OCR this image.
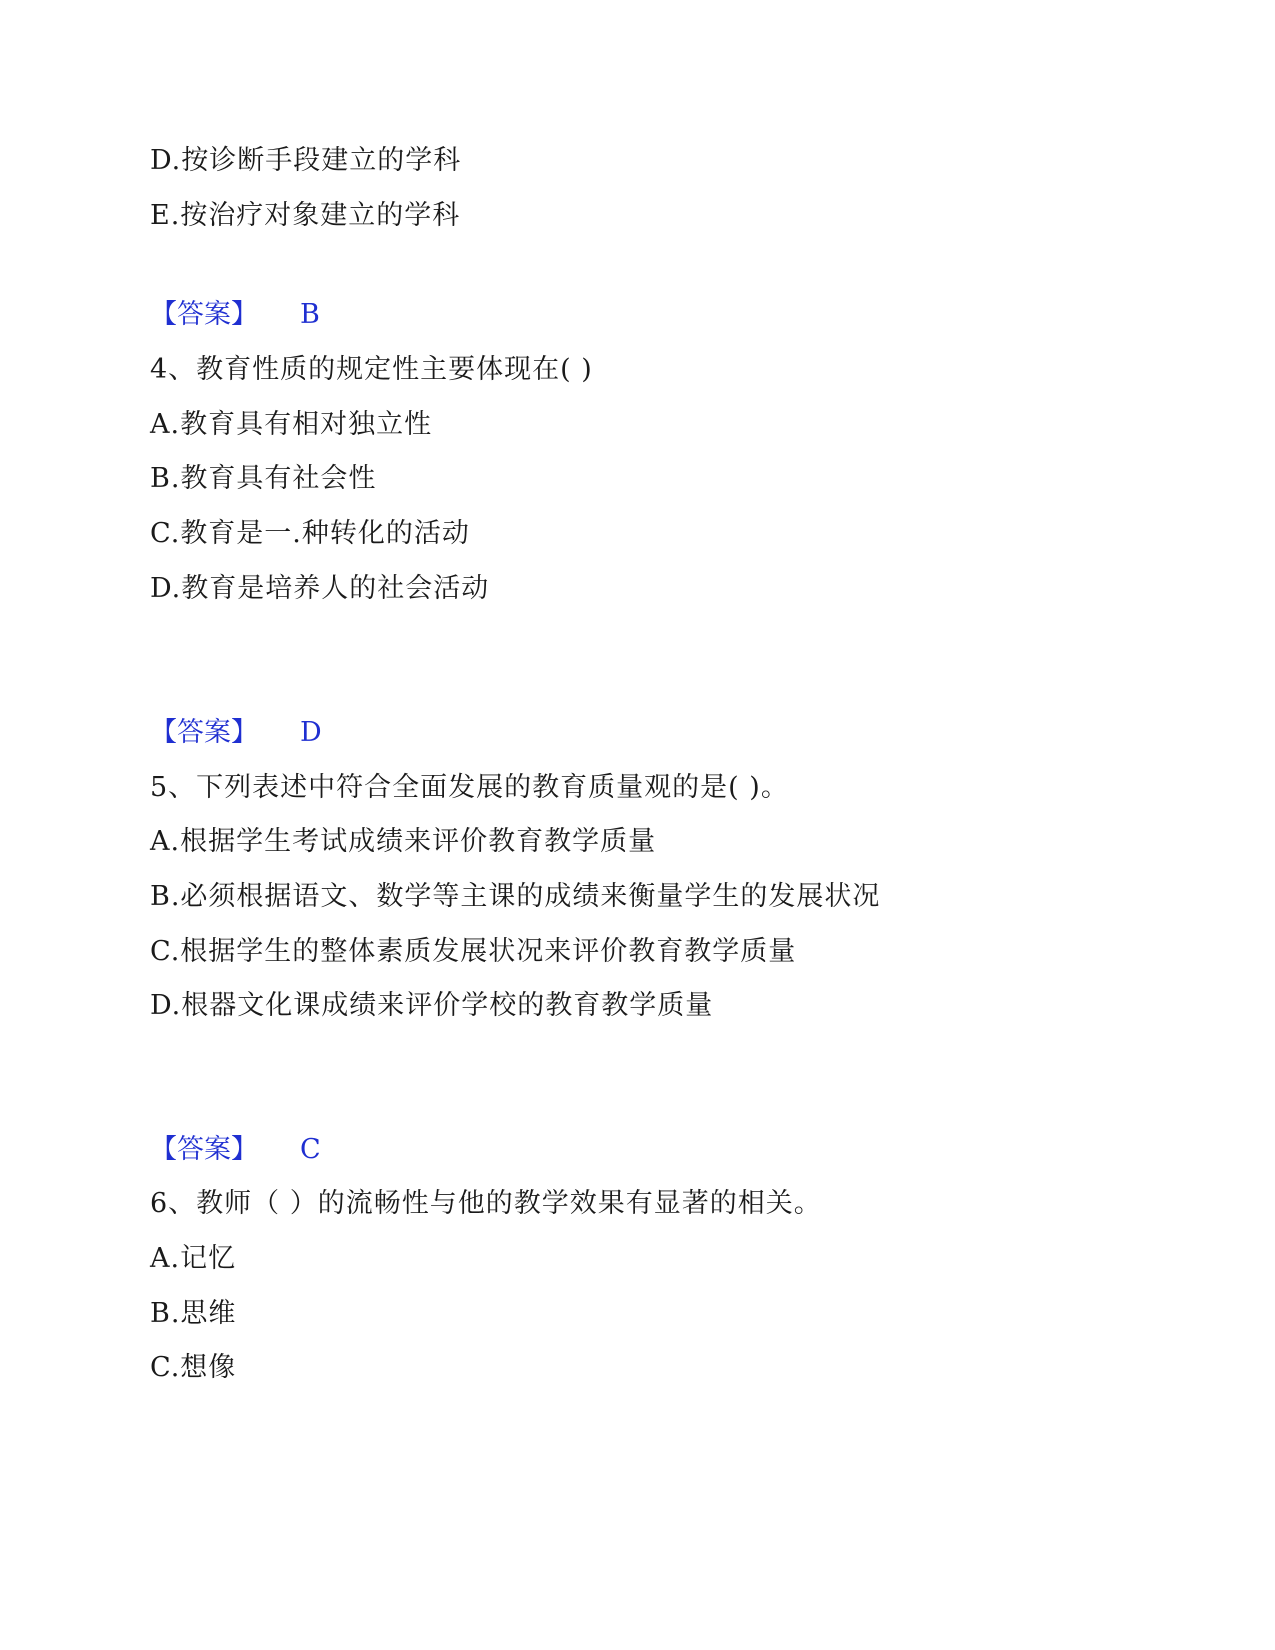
D.按诊断手段建立的学科
E.按治疗对象建立的学科
【答案】 B
4、教育性质的规定性主要体现在( )
A.教育具有相对独立性
B.教育具有社会性
C.教育是一.种转化的活动
D.教育是培养人的社会活动
【答案】 D
5、下列表述中符合全面发展的教育质量观的是( )。
A.根据学生考试成绩来评价教育教学质量
B.必须根据语文、数学等主课的成绩来衡量学生的发展状况
C.根据学生的整体素质发展状况来评价教育教学质量
D.根器文化课成绩来评价学校的教育教学质量
【答案】 C
6、教师（ ）的流畅性与他的教学效果有显著的相关。
A.记忆
B.思维
C.想像
